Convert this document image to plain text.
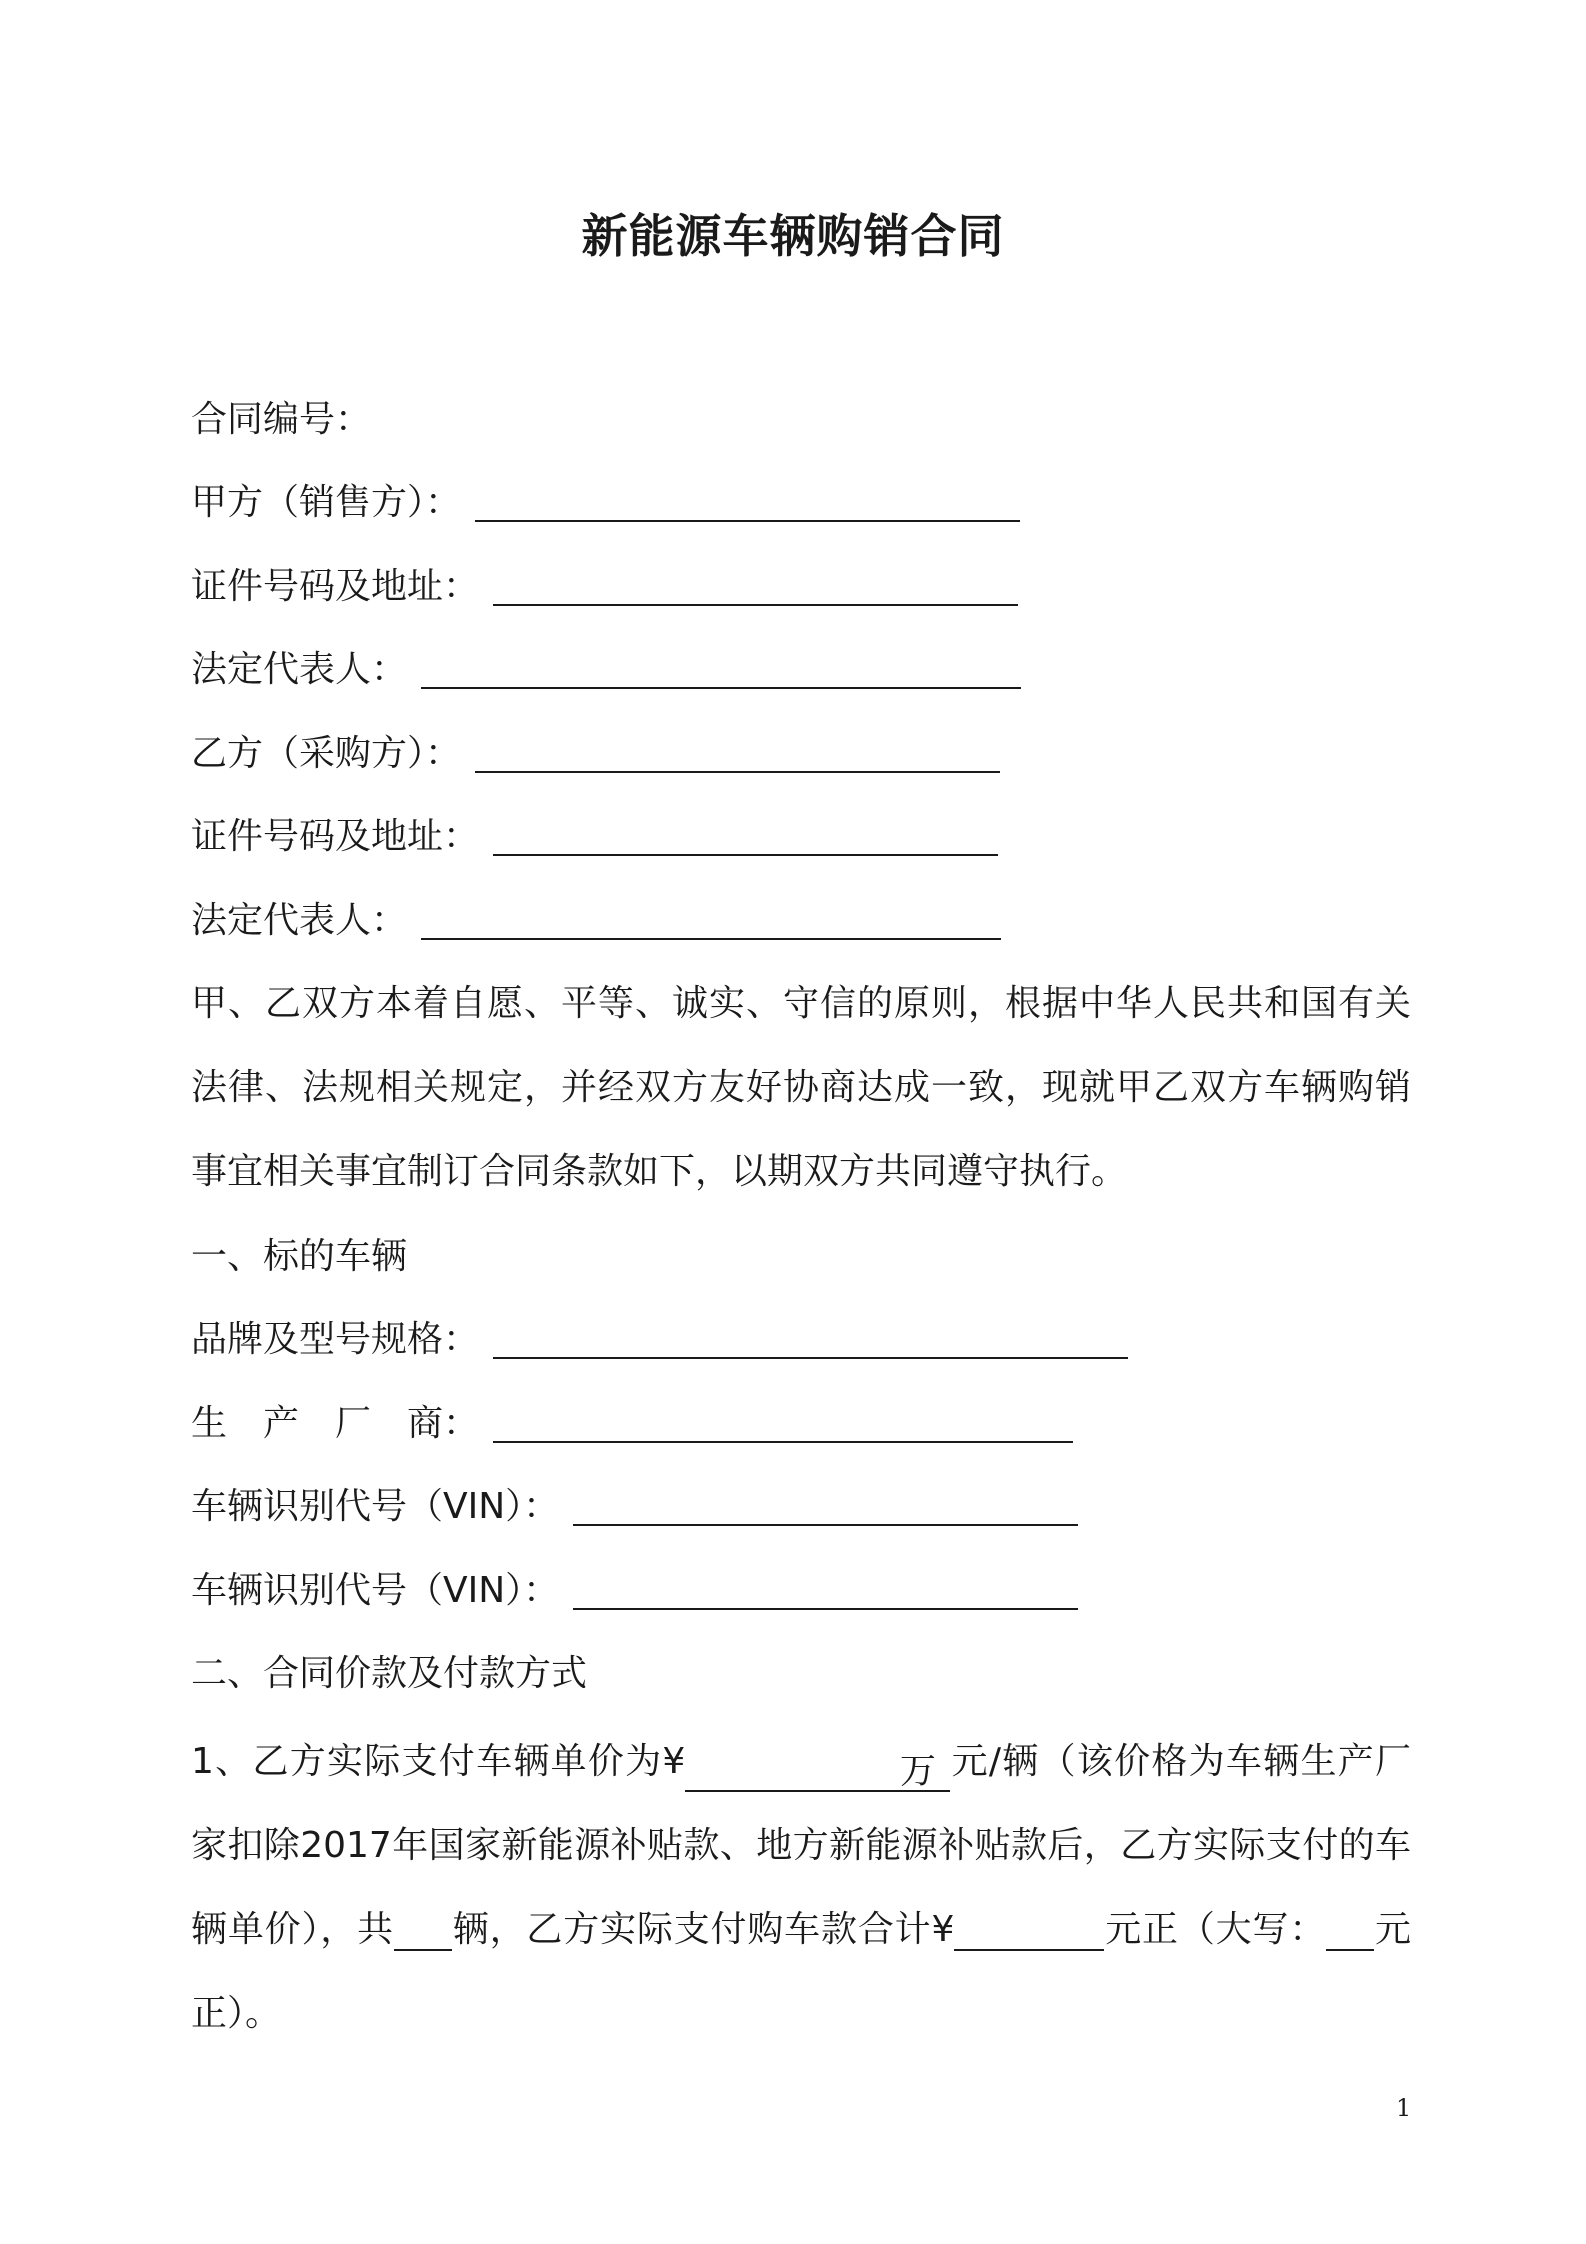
新能源车辆购销合同
合同编号：
甲方（销售方）：
证件号码及地址：
法定代表人：
乙方（采购方）：
证件号码及地址：
法定代表人：
甲、乙双方本着自愿、平等、诚实、守信的原则，根据中华人民共和国有关法律、法规相关规定，并经双方友好协商达成一致，现就甲乙双方车辆购销事宜相关事宜制订合同条款如下，以期双方共同遵守执行。
一、标的车辆
品牌及型号规格：
生　产　厂　商：
车辆识别代号（VIN）：
车辆识别代号（VIN）：
二、合同价款及付款方式
1、乙方实际支付车辆单价为¥	万 元/辆（该价格为车辆生产厂家扣除2017年国家新能源补贴款、地方新能源补贴款后，乙方实际支付的车辆单价），共 辆，乙方实际支付购车款合计¥	元正（大写： 元正）。
1
